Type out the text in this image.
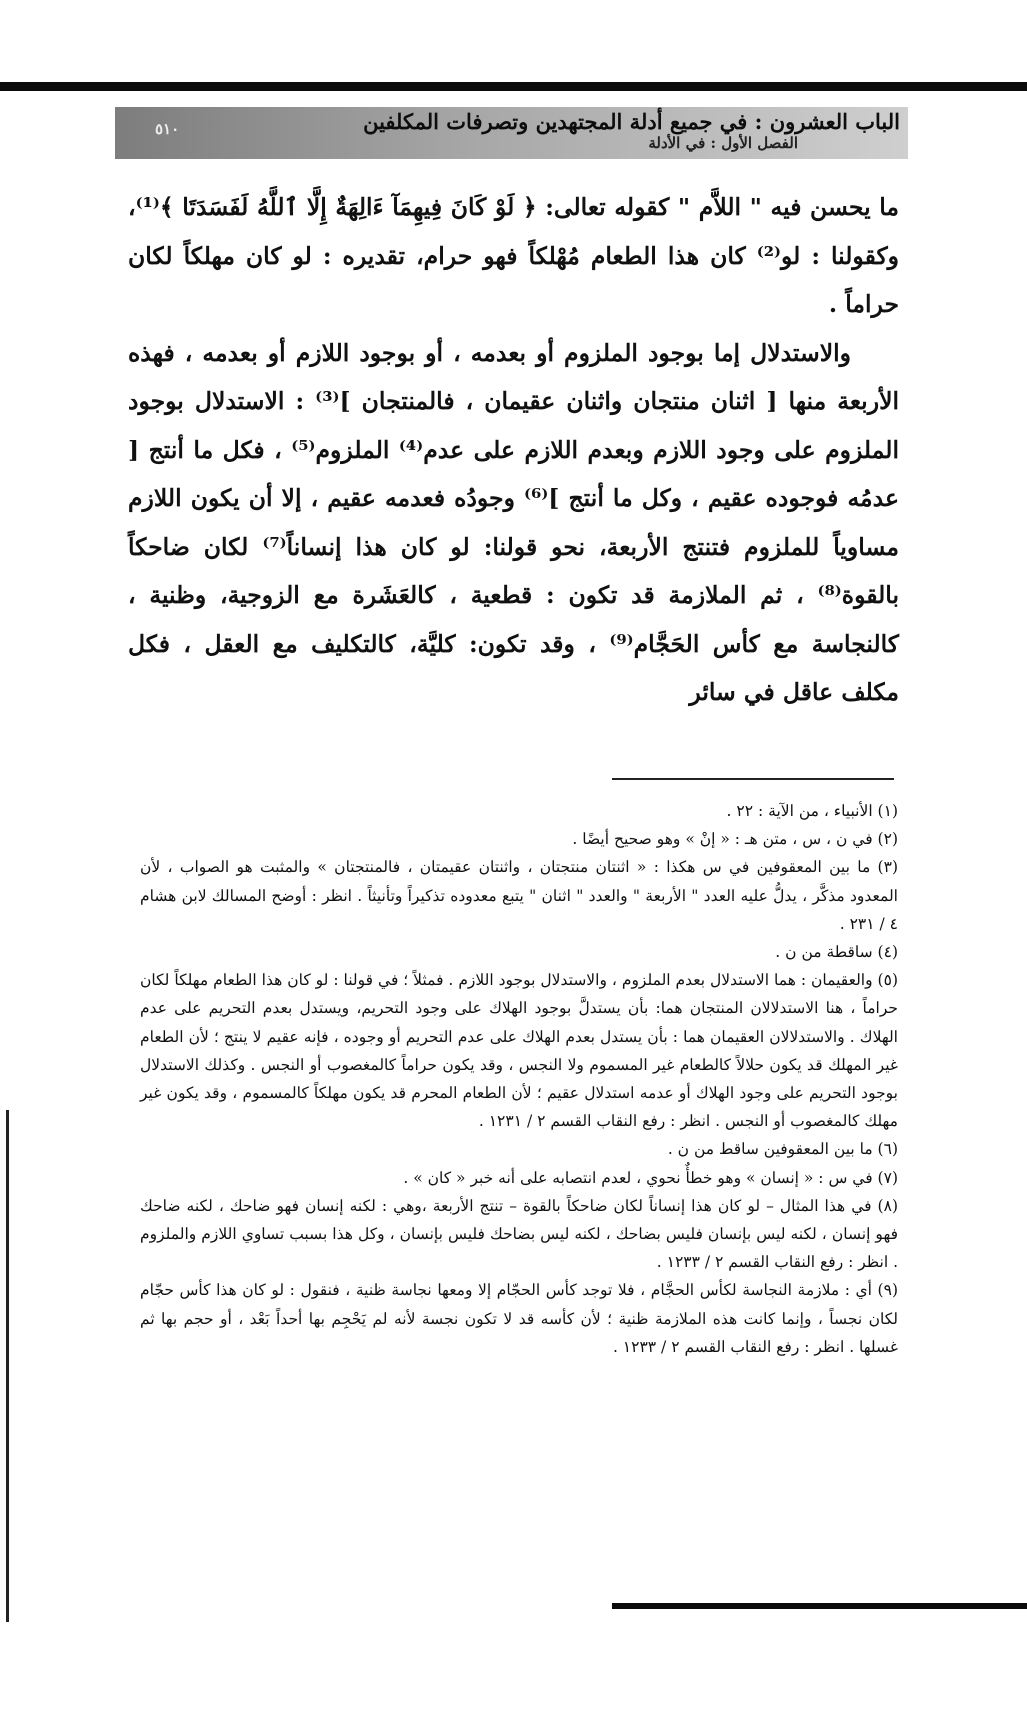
الباب العشرون : في جميع أدلة المجتهدين وتصرفات المكلفين
الفصل الأول : في الأدلة
٥١٠

ما يحسن فيه " اللاَّم " كقوله تعالى: ﴿ لَوْ كَانَ فِيهِمَآ ءَالِهَةٌ إِلَّا ٱللَّهُ لَفَسَدَتَا ﴾⁽¹⁾، وكقولنا : لو⁽²⁾ كان هذا الطعام مُهْلكاً فهو حرام، تقديره : لو كان مهلكاً لكان حراماً .

والاستدلال إما بوجود الملزوم أو بعدمه ، أو بوجود اللازم أو بعدمه ، فهذه الأربعة منها [ اثنان منتجان واثنان عقيمان ، فالمنتجان ]⁽³⁾ : الاستدلال بوجود الملزوم على وجود اللازم وبعدم اللازم على عدم⁽⁴⁾ الملزوم⁽⁵⁾ ، فكل ما أنتج [ عدمُه فوجوده عقيم ، وكل ما أنتج ]⁽⁶⁾ وجودُه فعدمه عقيم ، إلا أن يكون اللازم مساوياً للملزوم فتنتج الأربعة، نحو قولنا: لو كان هذا إنساناً⁽⁷⁾ لكان ضاحكاً بالقوة⁽⁸⁾ ، ثم الملازمة قد تكون : قطعية ، كالعَشَرة مع الزوجية، وظنية ، كالنجاسة مع كأس الحَجَّام⁽⁹⁾ ، وقد تكون: كليَّة، كالتكليف مع العقل ، فكل مكلف عاقل في سائر

(١) الأنبياء ، من الآية : ٢٢ .

(٢) في ن ، س ، متن هـ : « إنْ » وهو صحيح أيضًا .

(٣) ما بين المعقوفين في س هكذا : « اثنتان منتجتان ، واثنتان عقيمتان ، فالمنتجتان » والمثبت هو الصواب ، لأن المعدود مذكَّر ، يدلُّ عليه العدد " الأربعة " والعدد " اثنان " يتبع معدوده تذكيراً وتأنيثاً . انظر : أوضح المسالك لابن هشام ٤ / ٢٣١ .

(٤) ساقطة من ن .

(٥) والعقيمان : هما الاستدلال بعدم الملزوم ، والاستدلال بوجود اللازم . فمثلاً ؛ في قولنا : لو كان هذا الطعام مهلكاً لكان حراماً ، هنا الاستدلالان المنتجان هما: بأن يستدلَّ بوجود الهلاك على وجود التحريم، ويستدل بعدم التحريم على عدم الهلاك . والاستدلالان العقيمان هما : بأن يستدل بعدم الهلاك على عدم التحريم أو وجوده ، فإنه عقيم لا ينتج ؛ لأن الطعام غير المهلك قد يكون حلالاً كالطعام غير المسموم ولا النجس ، وقد يكون حراماً كالمغصوب أو النجس . وكذلك الاستدلال بوجود التحريم على وجود الهلاك أو عدمه استدلال عقيم ؛ لأن الطعام المحرم قد يكون مهلكاً كالمسموم ، وقد يكون غير مهلك كالمغصوب أو النجس . انظر : رفع النقاب القسم ٢ / ١٢٣١ .

(٦) ما بين المعقوفين ساقط من ن .

(٧) في س : « إنسان » وهو خطأٌ نحوي ، لعدم انتصابه على أنه خبر « كان » .

(٨) في هذا المثال – لو كان هذا إنساناً لكان ضاحكاً بالقوة – تنتج الأربعة ،وهي : لكنه إنسان فهو ضاحك ، لكنه ضاحك فهو إنسان ، لكنه ليس بإنسان فليس بضاحك ، لكنه ليس بضاحك فليس بإنسان ، وكل هذا بسبب تساوي اللازم والملزوم . انظر : رفع النقاب القسم ٢ / ١٢٣٣ .

(٩) أي : ملازمة النجاسة لكأس الحجَّام ، فلا توجد كأس الحجّام إلا ومعها نجاسة ظنية ، فنقول : لو كان هذا كأس حجّام لكان نجساً ، وإنما كانت هذه الملازمة ظنية ؛ لأن كأسه قد لا تكون نجسة لأنه لم يَحْجِم بها أحداً بَعْد ، أو حجم بها ثم غسلها . انظر : رفع النقاب القسم ٢ / ١٢٣٣ .
